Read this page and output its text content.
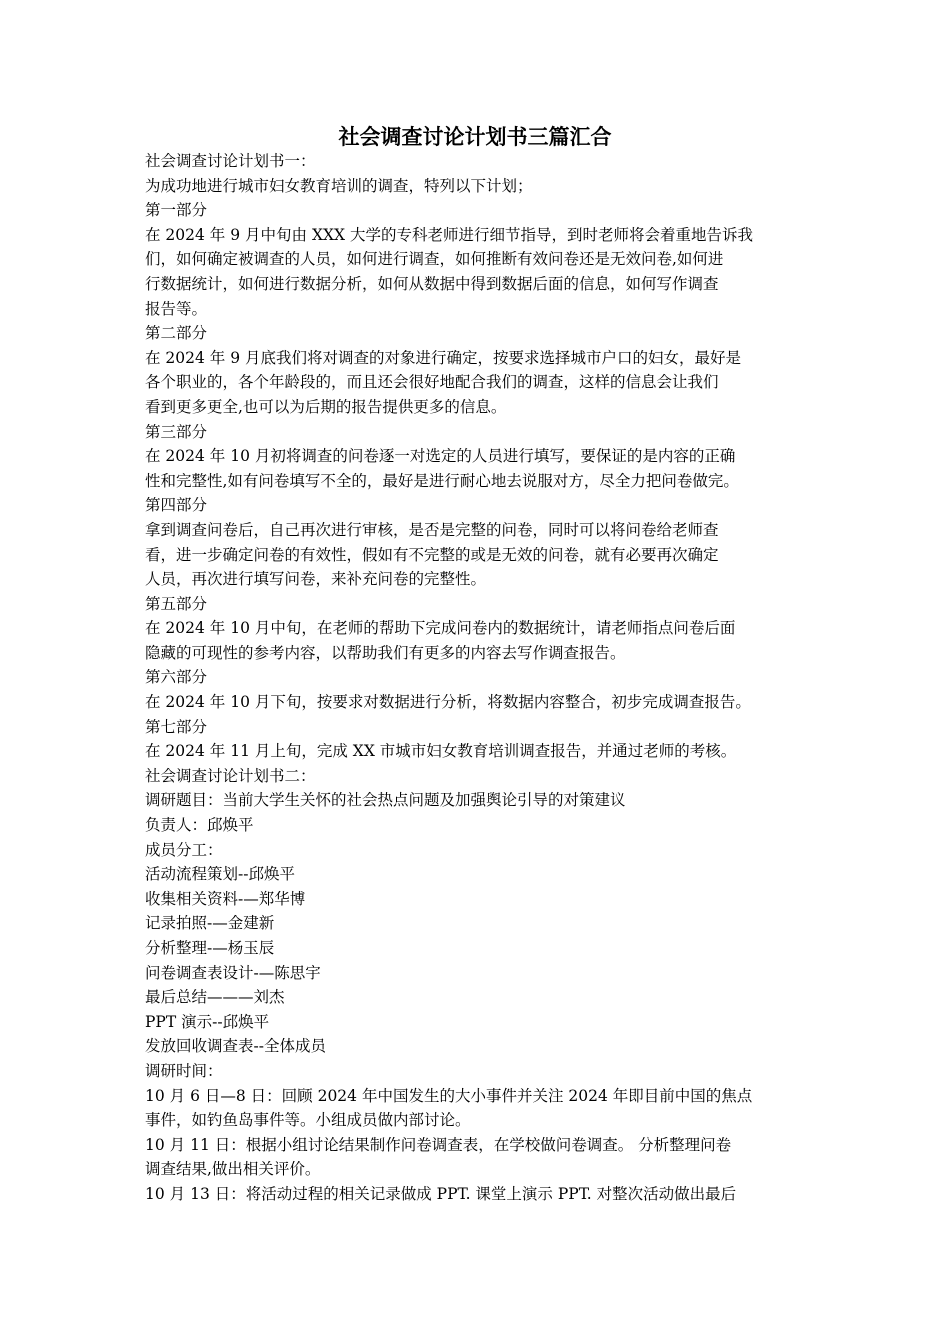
社会调查讨论计划书三篇汇合

社会调查讨论计划书一：

为成功地进行城市妇女教育培训的调查，特列以下计划；

第一部分

在 2024 年 9 月中旬由 XXX 大学的专科老师进行细节指导，到时老师将会着重地告诉我

们，如何确定被调查的人员，如何进行调查，如何推断有效问卷还是无效问卷,如何进

行数据统计，如何进行数据分析，如何从数据中得到数据后面的信息，如何写作调查

报告等。

第二部分

在 2024 年 9 月底我们将对调查的对象进行确定，按要求选择城市户口的妇女，最好是

各个职业的，各个年龄段的，而且还会很好地配合我们的调查，这样的信息会让我们

看到更多更全,也可以为后期的报告提供更多的信息。

第三部分

在 2024 年 10 月初将调查的问卷逐一对选定的人员进行填写，要保证的是内容的正确

性和完整性,如有问卷填写不全的，最好是进行耐心地去说服对方，尽全力把问卷做完。

第四部分

拿到调查问卷后，自己再次进行审核，是否是完整的问卷，同时可以将问卷给老师查

看，进一步确定问卷的有效性，假如有不完整的或是无效的问卷，就有必要再次确定

人员，再次进行填写问卷，来补充问卷的完整性。

第五部分

在 2024 年 10 月中旬，在老师的帮助下完成问卷内的数据统计，请老师指点问卷后面

隐藏的可现性的参考内容，以帮助我们有更多的内容去写作调查报告。

第六部分

在 2024 年 10 月下旬，按要求对数据进行分析，将数据内容整合，初步完成调查报告。

第七部分

在 2024 年 11 月上旬，完成 XX 市城市妇女教育培训调查报告，并通过老师的考核。

社会调查讨论计划书二：

调研题目：当前大学生关怀的社会热点问题及加强舆论引导的对策建议

负责人：邱焕平

成员分工：

活动流程策划--邱焕平

收集相关资料-—郑华博

记录拍照-—金建新

分析整理-—杨玉辰

问卷调查表设计-—陈思宇

最后总结———刘杰

PPT 演示--邱焕平

发放回收调查表--全体成员

调研时间：

10 月 6 日—8 日：回顾 2024 年中国发生的大小事件并关注 2024 年即目前中国的焦点

事件，如钓鱼岛事件等。小组成员做内部讨论。

10 月 11 日：根据小组讨论结果制作问卷调查表，在学校做问卷调查。 分析整理问卷

调查结果,做出相关评价。

10 月 13 日：将活动过程的相关记录做成 PPT. 课堂上演示 PPT. 对整次活动做出最后
